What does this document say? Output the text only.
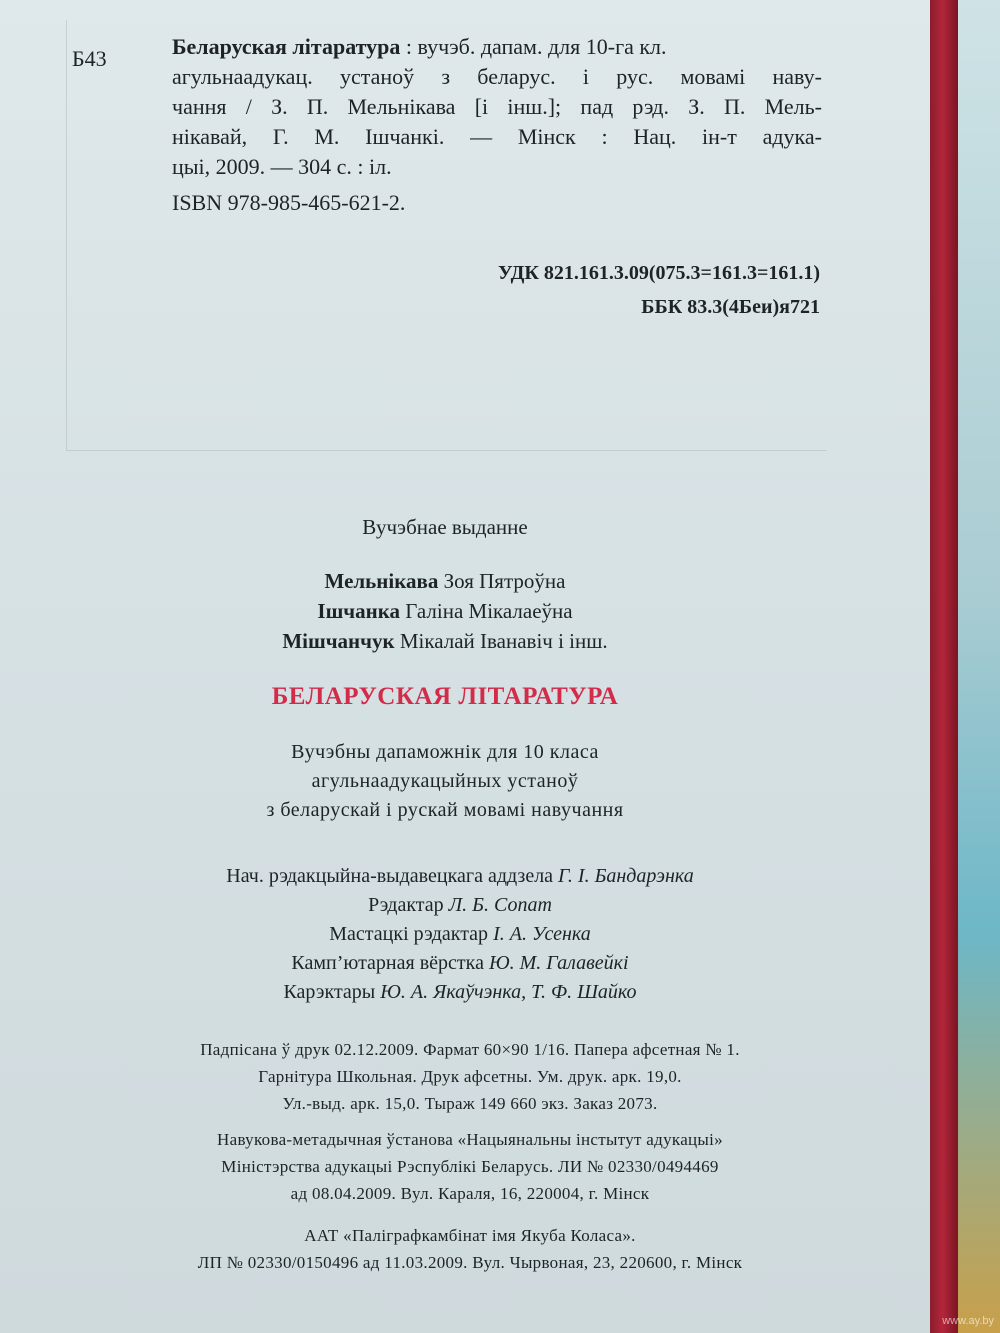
Б43	Беларуская літаратура : вучэб. дапам. для 10-га кл.
агульнаадукац. устаноў з беларус. і рус. мовамі наву-
чання / З. П. Мельнікава [і інш.]; пад рэд. З. П. Мель-
нікавай, Г. М. Ішчанкі. — Мінск : Нац. ін-т адука-
цыі, 2009. — 304 с. : іл.
ISBN 978-985-465-621-2.
УДК 821.161.3.09(075.3=161.3=161.1)
ББК 83.3(4Беи)я721
Вучэбнае выданне
Мельнікава Зоя Пятроўна
Ішчанка Галіна Мікалаеўна
Мішчанчук Мікалай Іванавіч і інш.
БЕЛАРУСКАЯ ЛІТАРАТУРА
Вучэбны дапаможнік для 10 класа
агульнаадукацыйных устаноў
з беларускай і рускай мовамі навучання
Нач. рэдакцыйна-выдавецкага аддзела Г. І. Бандарэнка
Рэдактар Л. Б. Сопат
Мастацкі рэдактар І. А. Усенка
Камп’ютарная вёрстка Ю. М. Галавейкі
Карэктары Ю. А. Якаўчэнка, Т. Ф. Шайко
Падпісана ў друк 02.12.2009. Фармат 60×90 1/16. Папера афсетная № 1.
Гарнітура Школьная. Друк афсетны. Ум. друк. арк. 19,0.
Ул.-выд. арк. 15,0. Тыраж 149 660 экз. Заказ 2073.
Навукова-метадычная ўстанова «Нацыянальны інстытут адукацыі»
Міністэрства адукацыі Рэспублікі Беларусь. ЛИ № 02330/0494469
ад 08.04.2009. Вул. Караля, 16, 220004, г. Мінск
ААТ «Паліграфкамбінат імя Якуба Коласа».
ЛП № 02330/0150496 ад 11.03.2009. Вул. Чырвоная, 23, 220600, г. Мінск
www.ay.by
